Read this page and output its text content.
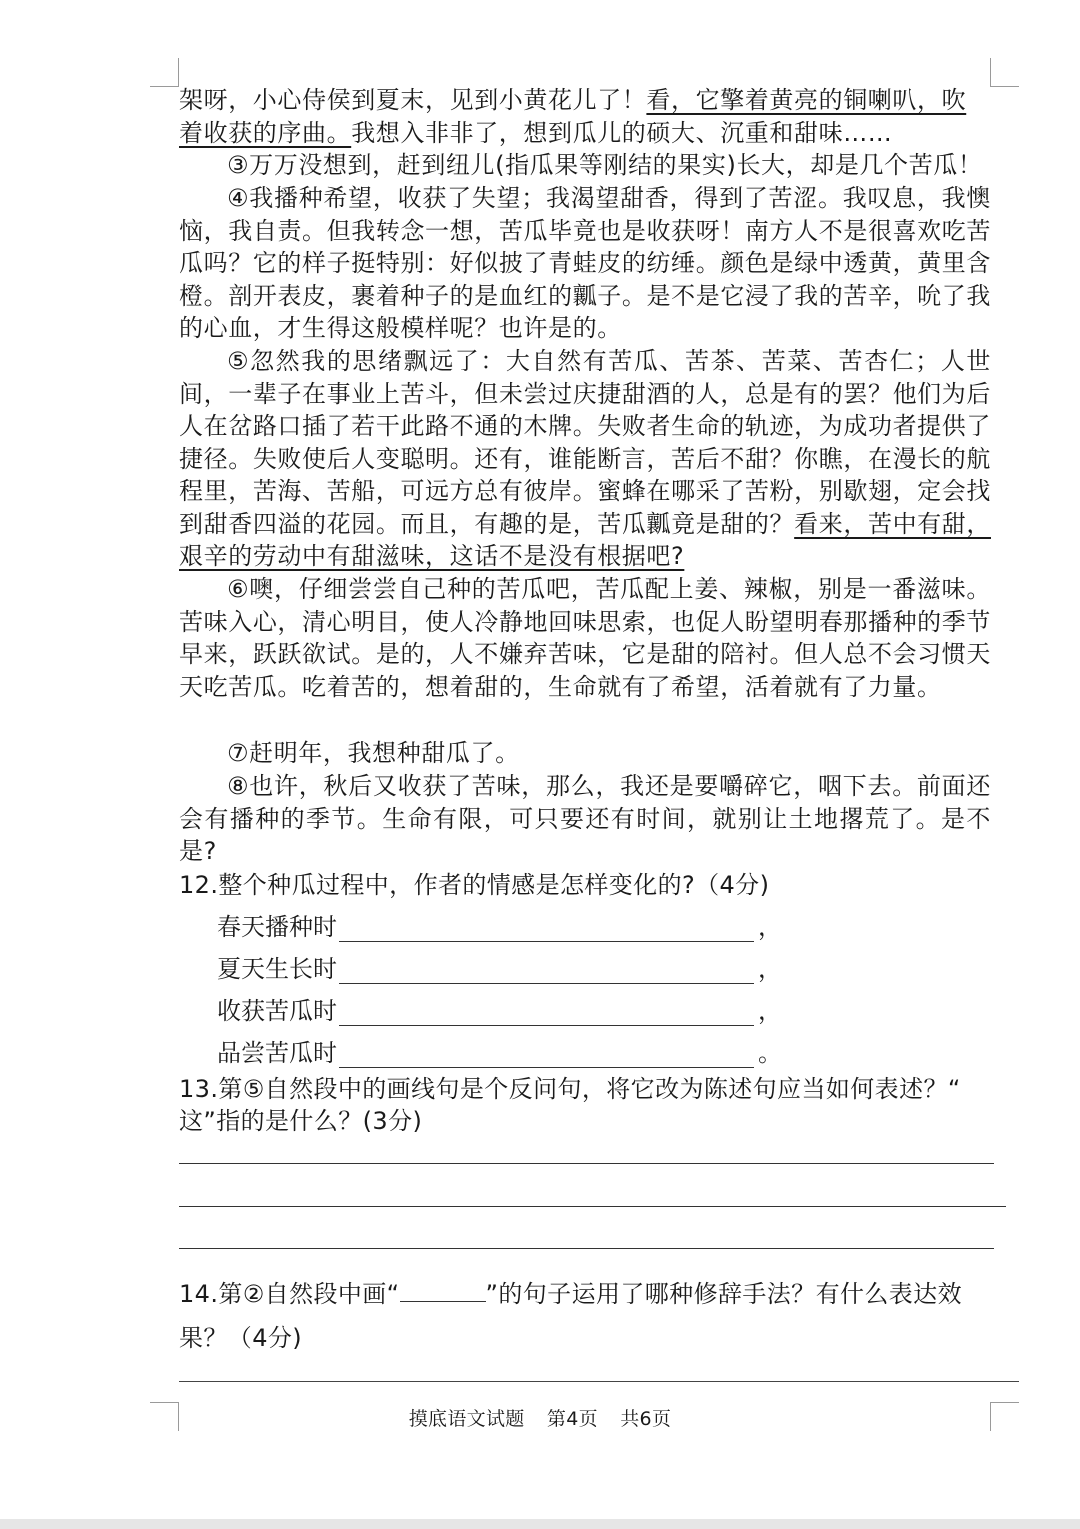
架呀，小心侍侯到夏末，见到小黄花儿了！看，它擎着黄亮的铜喇叭，吹
着收获的序曲。我想入非非了，想到瓜儿的硕大、沉重和甜味……

③万万没想到，赶到纽儿(指瓜果等刚结的果实)长大，却是几个苦瓜！

④我播种希望，收获了失望；我渴望甜香，得到了苦涩。我叹息，我懊恼，我自责。但我转念一想，苦瓜毕竟也是收获呀！南方人不是很喜欢吃苦瓜吗？它的样子挺特别：好似披了青蛙皮的纺缍。颜色是绿中透黄，黄里含橙。剖开表皮，裹着种子的是血红的瓤子。是不是它浸了我的苦辛，吮了我的心血，才生得这般模样呢？也许是的。

⑤忽然我的思绪飘远了：大自然有苦瓜、苦茶、苦菜、苦杏仁；人世间，一辈子在事业上苦斗，但未尝过庆捷甜酒的人，总是有的罢？他们为后人在岔路口插了若干此路不通的木牌。失败者生命的轨迹，为成功者提供了捷径。失败使后人变聪明。还有，谁能断言，苦后不甜？你瞧，在漫长的航程里，苦海、苦船，可远方总有彼岸。蜜蜂在哪采了苦粉，别歇翅，定会找到甜香四溢的花园。而且，有趣的是，苦瓜瓤竟是甜的？看来，苦中有甜，艰辛的劳动中有甜滋味，这话不是没有根据吧?

⑥噢，仔细尝尝自己种的苦瓜吧，苦瓜配上姜、辣椒，别是一番滋味。苦味入心，清心明目，使人冷静地回味思索，也促人盼望明春那播种的季节早来，跃跃欲试。是的，人不嫌弃苦味，它是甜的陪衬。但人总不会习惯天天吃苦瓜。吃着苦的，想着甜的，生命就有了希望，活着就有了力量。

⑦赶明年，我想种甜瓜了。

⑧也许，秋后又收获了苦味，那么，我还是要嚼碎它，咽下去。前面还会有播种的季节。生命有限，可只要还有时间，就别让土地撂荒了。是不是?

12.整个种瓜过程中，作者的情感是怎样变化的?（4分)

春天播种时	，
夏天生长时	，
收获苦瓜时	，
品尝苦瓜时	。

13.第⑤自然段中的画线句是个反问句，将它改为陈述句应当如何表述？“
这”指的是什么？(3分)

14.第②自然段中画“	”的句子运用了哪种修辞手法？有什么表达效
果？（4分)

摸底语文试题 第4页 共6页
